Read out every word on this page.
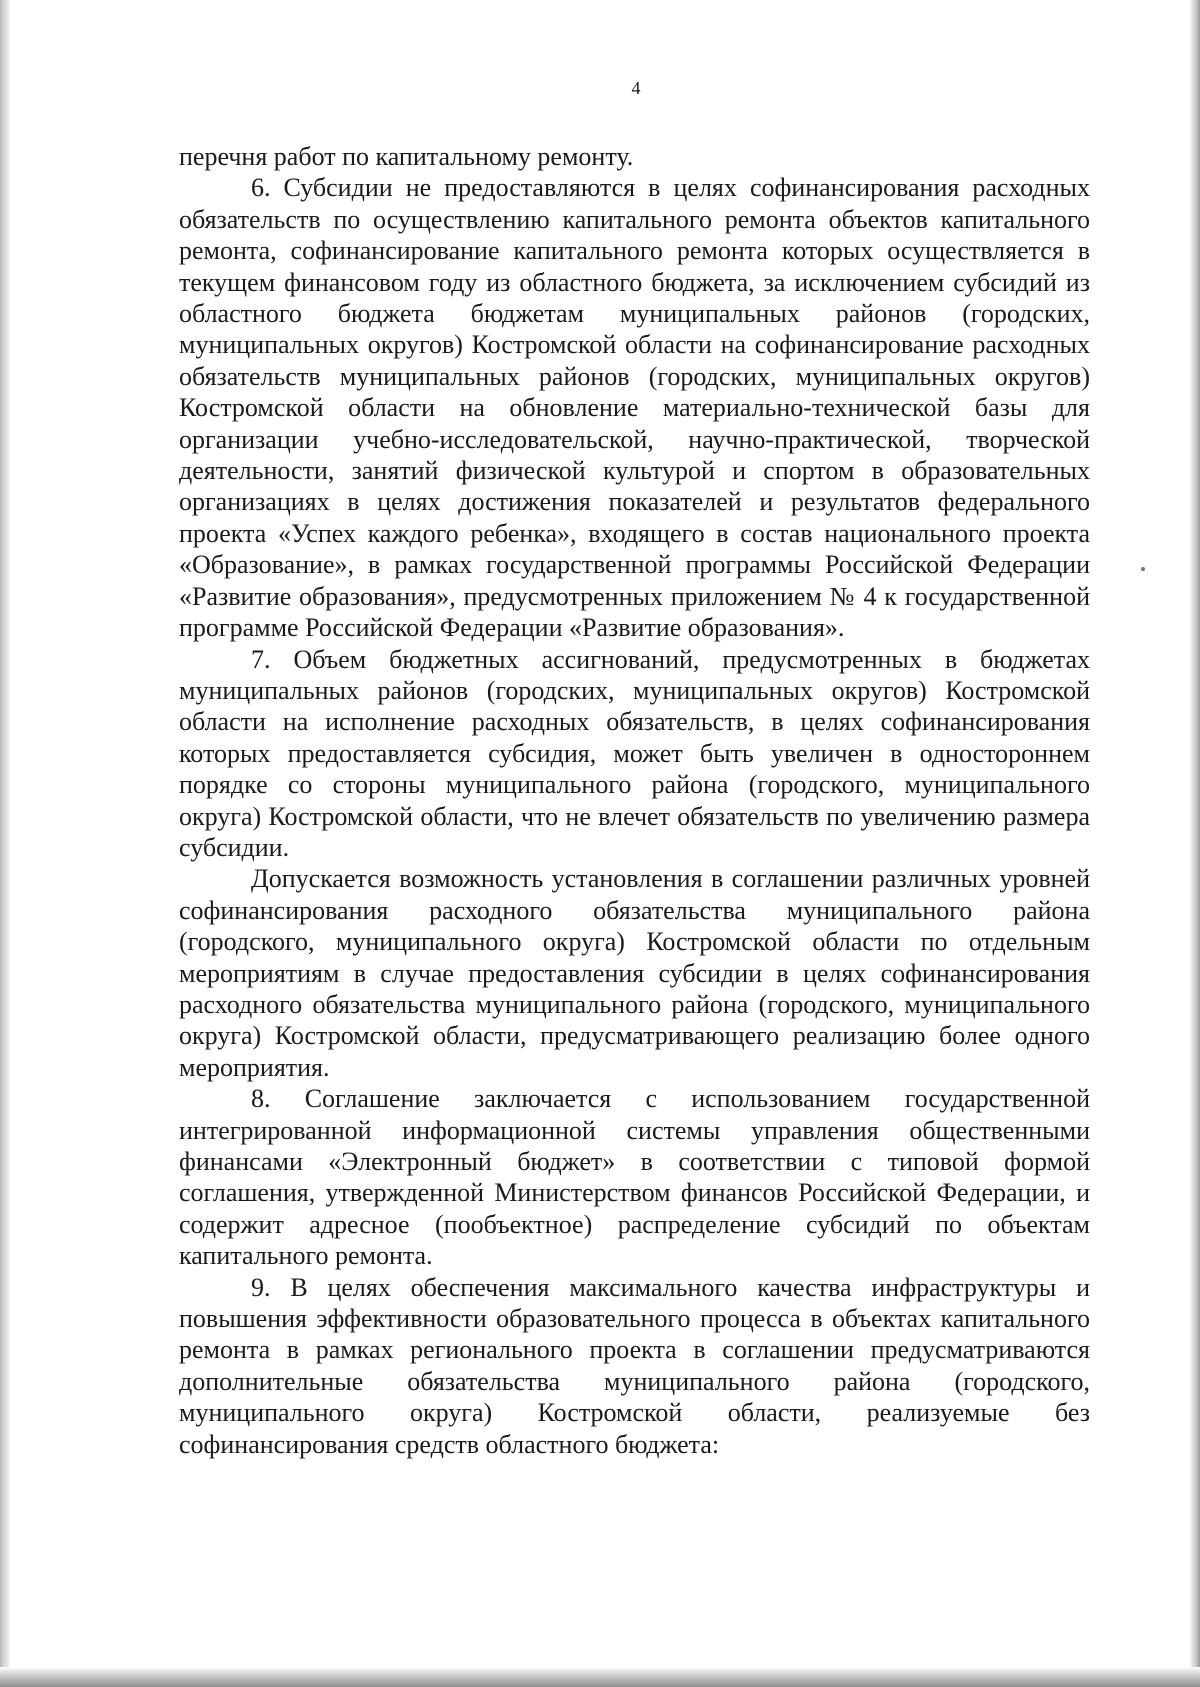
4

перечня работ по капитальному ремонту.

6. Субсидии не предоставляются в целях софинансирования расходных обязательств по осуществлению капитального ремонта объектов капитального ремонта, софинансирование капитального ремонта которых осуществляется в текущем финансовом году из областного бюджета, за исключением субсидий из областного бюджета бюджетам муниципальных районов (городских, муниципальных округов) Костромской области на софинансирование расходных обязательств муниципальных районов (городских, муниципальных округов) Костромской области на обновление материально-технической базы для организации учебно-исследовательской, научно-практической, творческой деятельности, занятий физической культурой и спортом в образовательных организациях в целях достижения показателей и результатов федерального проекта «Успех каждого ребенка», входящего в состав национального проекта «Образование», в рамках государственной программы Российской Федерации «Развитие образования», предусмотренных приложением № 4 к государственной программе Российской Федерации «Развитие образования».

7. Объем бюджетных ассигнований, предусмотренных в бюджетах муниципальных районов (городских, муниципальных округов) Костромской области на исполнение расходных обязательств, в целях софинансирования которых предоставляется субсидия, может быть увеличен в одностороннем порядке со стороны муниципального района (городского, муниципального округа) Костромской области, что не влечет обязательств по увеличению размера субсидии.

Допускается возможность установления в соглашении различных уровней софинансирования расходного обязательства муниципального района (городского, муниципального округа) Костромской области по отдельным мероприятиям в случае предоставления субсидии в целях софинансирования расходного обязательства муниципального района (городского, муниципального округа) Костромской области, предусматривающего реализацию более одного мероприятия.

8. Соглашение заключается с использованием государственной интегрированной информационной системы управления общественными финансами «Электронный бюджет» в соответствии с типовой формой соглашения, утвержденной Министерством финансов Российской Федерации, и содержит адресное (пообъектное) распределение субсидий по объектам капитального ремонта.

9. В целях обеспечения максимального качества инфраструктуры и повышения эффективности образовательного процесса в объектах капитального ремонта в рамках регионального проекта в соглашении предусматриваются дополнительные обязательства муниципального района (городского, муниципального округа) Костромской области, реализуемые без софинансирования средств областного бюджета:
